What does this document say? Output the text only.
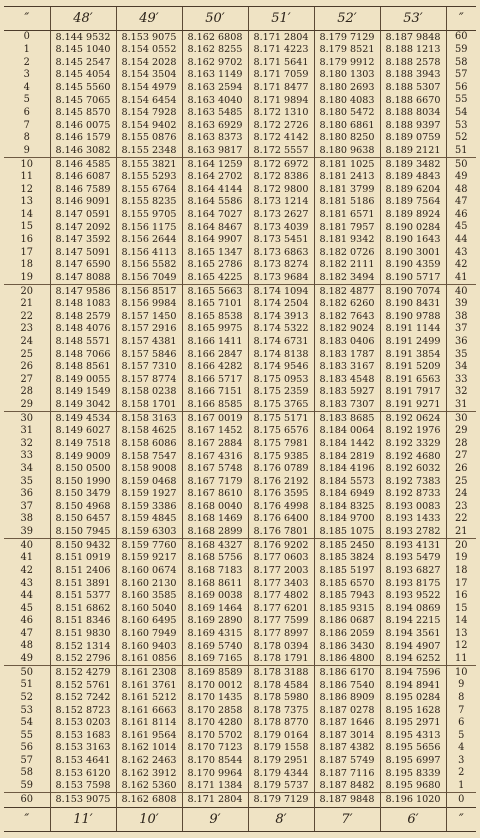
″	48′	49′	50′	51′	52′	53′	″
0	8.144 9532	8.153 9075	8.162 6808	8.171 2804	8.179 7129	8.187 9848	60
1	8.145 1040	8.154 0552	8.162 8255	8.171 4223	8.179 8521	8.188 1213	59
2	8.145 2547	8.154 2028	8.162 9702	8.171 5641	8.179 9912	8.188 2578	58
3	8.145 4054	8.154 3504	8.163 1149	8.171 7059	8.180 1303	8.188 3943	57
4	8.145 5560	8.154 4979	8.163 2594	8.171 8477	8.180 2693	8.188 5307	56
5	8.145 7065	8.154 6454	8.163 4040	8.171 9894	8.180 4083	8.188 6670	55
6	8.145 8570	8.154 7928	8.163 5485	8.172 1310	8.180 5472	8.188 8034	54
7	8.146 0075	8.154 9402	8.163 6929	8.172 2726	8.180 6861	8.188 9397	53
8	8.146 1579	8.155 0876	8.163 8373	8.172 4142	8.180 8250	8.189 0759	52
9	8.146 3082	8.155 2348	8.163 9817	8.172 5557	8.180 9638	8.189 2121	51
10	8.146 4585	8.155 3821	8.164 1259	8.172 6972	8.181 1025	8.189 3482	50
11	8.146 6087	8.155 5293	8.164 2702	8.172 8386	8.181 2413	8.189 4843	49
12	8.146 7589	8.155 6764	8.164 4144	8.172 9800	8.181 3799	8.189 6204	48
13	8.146 9091	8.155 8235	8.164 5586	8.173 1214	8.181 5186	8.189 7564	47
14	8.147 0591	8.155 9705	8.164 7027	8.173 2627	8.181 6571	8.189 8924	46
15	8.147 2092	8.156 1175	8.164 8467	8.173 4039	8.181 7957	8.190 0284	45
16	8.147 3592	8.156 2644	8.164 9907	8.173 5451	8.181 9342	8.190 1643	44
17	8.147 5091	8.156 4113	8.165 1347	8.173 6863	8.182 0726	8.190 3001	43
18	8.147 6590	8.156 5582	8.165 2786	8.173 8274	8.182 2111	8.190 4359	42
19	8.147 8088	8.156 7049	8.165 4225	8.173 9684	8.182 3494	8.190 5717	41
20	8.147 9586	8.156 8517	8.165 5663	8.174 1094	8.182 4877	8.190 7074	40
21	8.148 1083	8.156 9984	8.165 7101	8.174 2504	8.182 6260	8.190 8431	39
22	8.148 2579	8.157 1450	8.165 8538	8.174 3913	8.182 7643	8.190 9788	38
23	8.148 4076	8.157 2916	8.165 9975	8.174 5322	8.182 9024	8.191 1144	37
24	8.148 5571	8.157 4381	8.166 1411	8.174 6731	8.183 0406	8.191 2499	36
25	8.148 7066	8.157 5846	8.166 2847	8.174 8138	8.183 1787	8.191 3854	35
26	8.148 8561	8.157 7310	8.166 4282	8.174 9546	8.183 3167	8.191 5209	34
27	8.149 0055	8.157 8774	8.166 5717	8.175 0953	8.183 4548	8.191 6563	33
28	8.149 1549	8.158 0238	8.166 7151	8.175 2359	8.183 5927	8.191 7917	32
29	8.149 3042	8.158 1701	8.166 8585	8.175 3765	8.183 7307	8.191 9271	31
30	8.149 4534	8.158 3163	8.167 0019	8.175 5171	8.183 8685	8.192 0624	30
31	8.149 6027	8.158 4625	8.167 1452	8.175 6576	8.184 0064	8.192 1976	29
32	8.149 7518	8.158 6086	8.167 2884	8.175 7981	8.184 1442	8.192 3329	28
33	8.149 9009	8.158 7547	8.167 4316	8.175 9385	8.184 2819	8.192 4680	27
34	8.150 0500	8.158 9008	8.167 5748	8.176 0789	8.184 4196	8.192 6032	26
35	8.150 1990	8.159 0468	8.167 7179	8.176 2192	8.184 5573	8.192 7383	25
36	8.150 3479	8.159 1927	8.167 8610	8.176 3595	8.184 6949	8.192 8733	24
37	8.150 4968	8.159 3386	8.168 0040	8.176 4998	8.184 8325	8.193 0083	23
38	8.150 6457	8.159 4845	8.168 1469	8.176 6400	8.184 9700	8.193 1433	22
39	8.150 7945	8.159 6303	8.168 2899	8.176 7801	8.185 1075	8.193 2782	21
40	8.150 9432	8.159 7760	8.168 4327	8.176 9202	8.185 2450	8.193 4131	20
41	8.151 0919	8.159 9217	8.168 5756	8.177 0603	8.185 3824	8.193 5479	19
42	8.151 2406	8.160 0674	8.168 7183	8.177 2003	8.185 5197	8.193 6827	18
43	8.151 3891	8.160 2130	8.168 8611	8.177 3403	8.185 6570	8.193 8175	17
44	8.151 5377	8.160 3585	8.169 0038	8.177 4802	8.185 7943	8.193 9522	16
45	8.151 6862	8.160 5040	8.169 1464	8.177 6201	8.185 9315	8.194 0869	15
46	8.151 8346	8.160 6495	8.169 2890	8.177 7599	8.186 0687	8.194 2215	14
47	8.151 9830	8.160 7949	8.169 4315	8.177 8997	8.186 2059	8.194 3561	13
48	8.152 1314	8.160 9403	8.169 5740	8.178 0394	8.186 3430	8.194 4907	12
49	8.152 2796	8.161 0856	8.169 7165	8.178 1791	8.186 4800	8.194 6252	11
50	8.152 4279	8.161 2308	8.169 8589	8.178 3188	8.186 6170	8.194 7596	10
51	8.152 5761	8.161 3761	8.170 0012	8.178 4584	8.186 7540	8.194 8941	9
52	8.152 7242	8.161 5212	8.170 1435	8.178 5980	8.186 8909	8.195 0284	8
53	8.152 8723	8.161 6663	8.170 2858	8.178 7375	8.187 0278	8.195 1628	7
54	8.153 0203	8.161 8114	8.170 4280	8.178 8770	8.187 1646	8.195 2971	6
55	8.153 1683	8.161 9564	8.170 5702	8.179 0164	8.187 3014	8.195 4313	5
56	8.153 3163	8.162 1014	8.170 7123	8.179 1558	8.187 4382	8.195 5656	4
57	8.153 4641	8.162 2463	8.170 8544	8.179 2951	8.187 5749	8.195 6997	3
58	8.153 6120	8.162 3912	8.170 9964	8.179 4344	8.187 7116	8.195 8339	2
59	8.153 7598	8.162 5360	8.171 1384	8.179 5737	8.187 8482	8.195 9680	1
60	8.153 9075	8.162 6808	8.171 2804	8.179 7129	8.187 9848	8.196 1020	0
″	11′	10′	9′	8′	7′	6′	″
